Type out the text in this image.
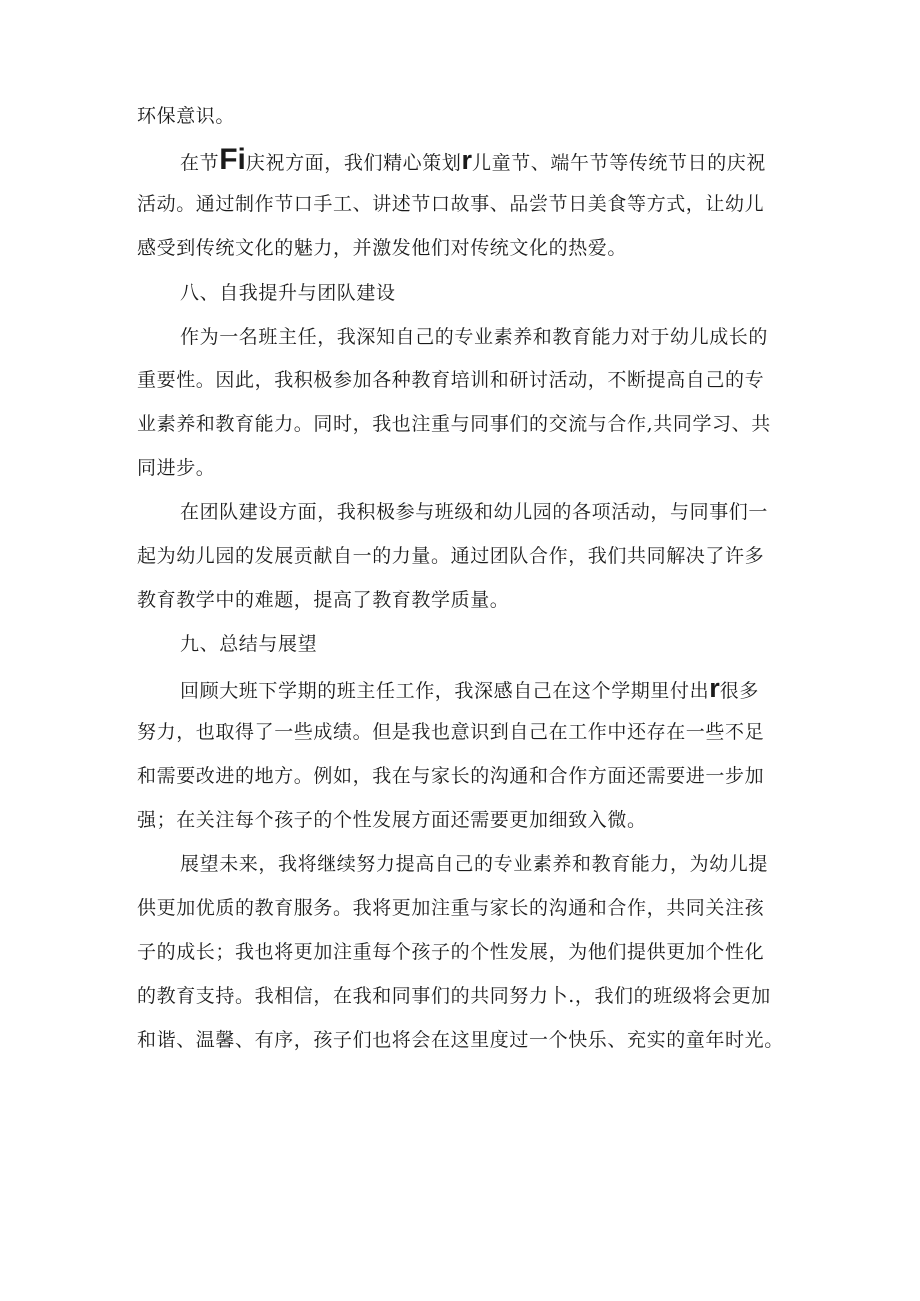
环保意识。
在节Fi庆祝方面，我们精心策划r儿童节、端午节等传统节日的庆祝
活动。通过制作节口手工、讲述节口故事、品尝节日美食等方式，让幼儿
感受到传统文化的魅力，并激发他们对传统文化的热爱。
八、自我提升与团队建设
作为一名班主任，我深知自己的专业素养和教育能力对于幼儿成长的
重要性。因此，我积极参加各种教育培训和研讨活动，不断提高自己的专
业素养和教育能力。同时，我也注重与同事们的交流与合作,共同学习、共
同进步。
在团队建设方面，我积极参与班级和幼儿园的各项活动，与同事们一
起为幼儿园的发展贡献自一的力量。通过团队合作，我们共同解决了许多
教育教学中的难题，提高了教育教学质量。
九、总结与展望
回顾大班下学期的班主任工作，我深感自己在这个学期里付出r很多
努力，也取得了一些成绩。但是我也意识到自己在工作中还存在一些不足
和需要改进的地方。例如，我在与家长的沟通和合作方面还需要进一步加
强；在关注每个孩子的个性发展方面还需要更加细致入微。
展望未来，我将继续努力提高自己的专业素养和教育能力，为幼儿提
供更加优质的教育服务。我将更加注重与家长的沟通和合作，共同关注孩
子的成长；我也将更加注重每个孩子的个性发展，为他们提供更加个性化
的教育支持。我相信，在我和同事们的共同努力卜.，我们的班级将会更加
和谐、温馨、有序，孩子们也将会在这里度过一个快乐、充实的童年时光。
